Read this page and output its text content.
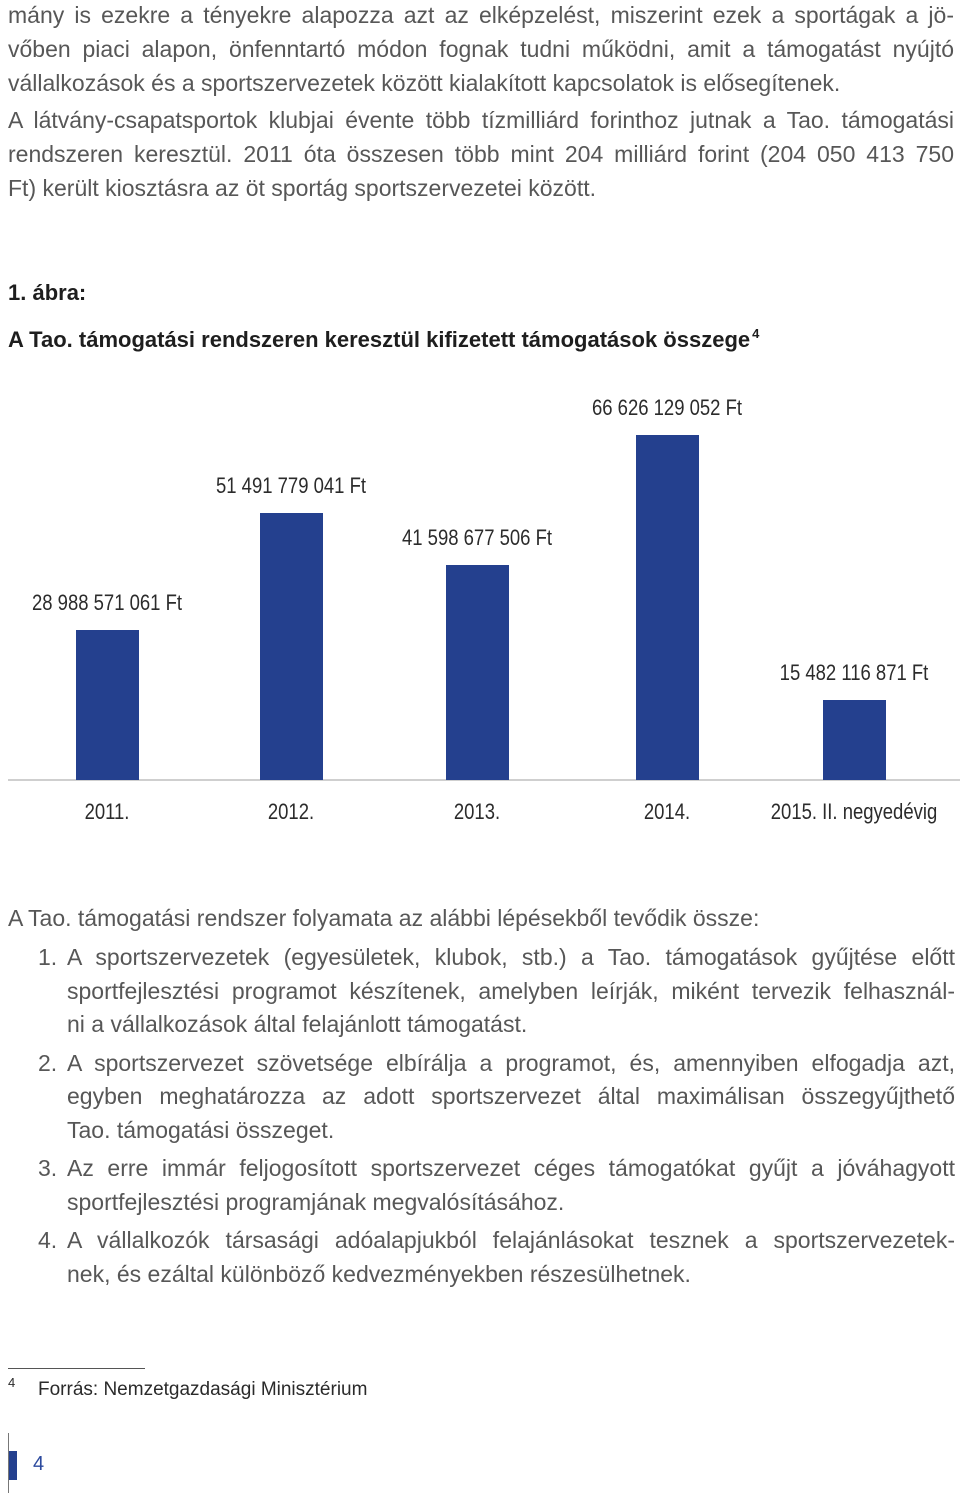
mány is ezekre a tényekre alapozza azt az elképzelést, miszerint ezek a sportágak a jö-
vőben piaci alapon, önfenntartó módon fognak tudni működni, amit a támogatást nyújtó
vállalkozások és a sportszervezetek között kialakított kapcsolatok is elősegítenek.
A látvány-csapatsportok klubjai évente több tízmilliárd forinthoz jutnak a Tao. támogatási
rendszeren keresztül. 2011 óta összesen több mint 204 milliárd forint (204 050 413 750
Ft) került kiosztásra az öt sportág sportszervezetei között.
1. ábra:
A Tao. támogatási rendszeren keresztül kifizetett támogatások összege $^4$
28 988 571 061 Ft
51 491 779 041 Ft
41 598 677 506 Ft
66 626 129 052 Ft
15 482 116 871 Ft
2011.	2012.	2013.	2014.	2015. II. negyedévig
A Tao. támogatási rendszer folyamata az alábbi lépésekből tevődik össze:
1. A sportszervezetek (egyesületek, klubok, stb.) a Tao. támogatások gyűjtése előtt
sportfejlesztési programot készítenek, amelyben leírják, miként tervezik felhasznál-
ni a vállalkozások által felajánlott támogatást.
2. A sportszervezet szövetsége elbírálja a programot, és, amennyiben elfogadja azt,
egyben meghatározza az adott sportszervezet által maximálisan összegyűjthető
Tao. támogatási összeget.
3. Az erre immár feljogosított sportszervezet céges támogatókat gyűjt a jóváhagyott
sportfejlesztési programjának megvalósításához.
4. A vállalkozók társasági adóalapjukból felajánlásokat tesznek a sportszervezetek-
nek, és ezáltal különböző kedvezményekben részesülhetnek.
4 Forrás: Nemzetgazdasági Minisztérium
4
